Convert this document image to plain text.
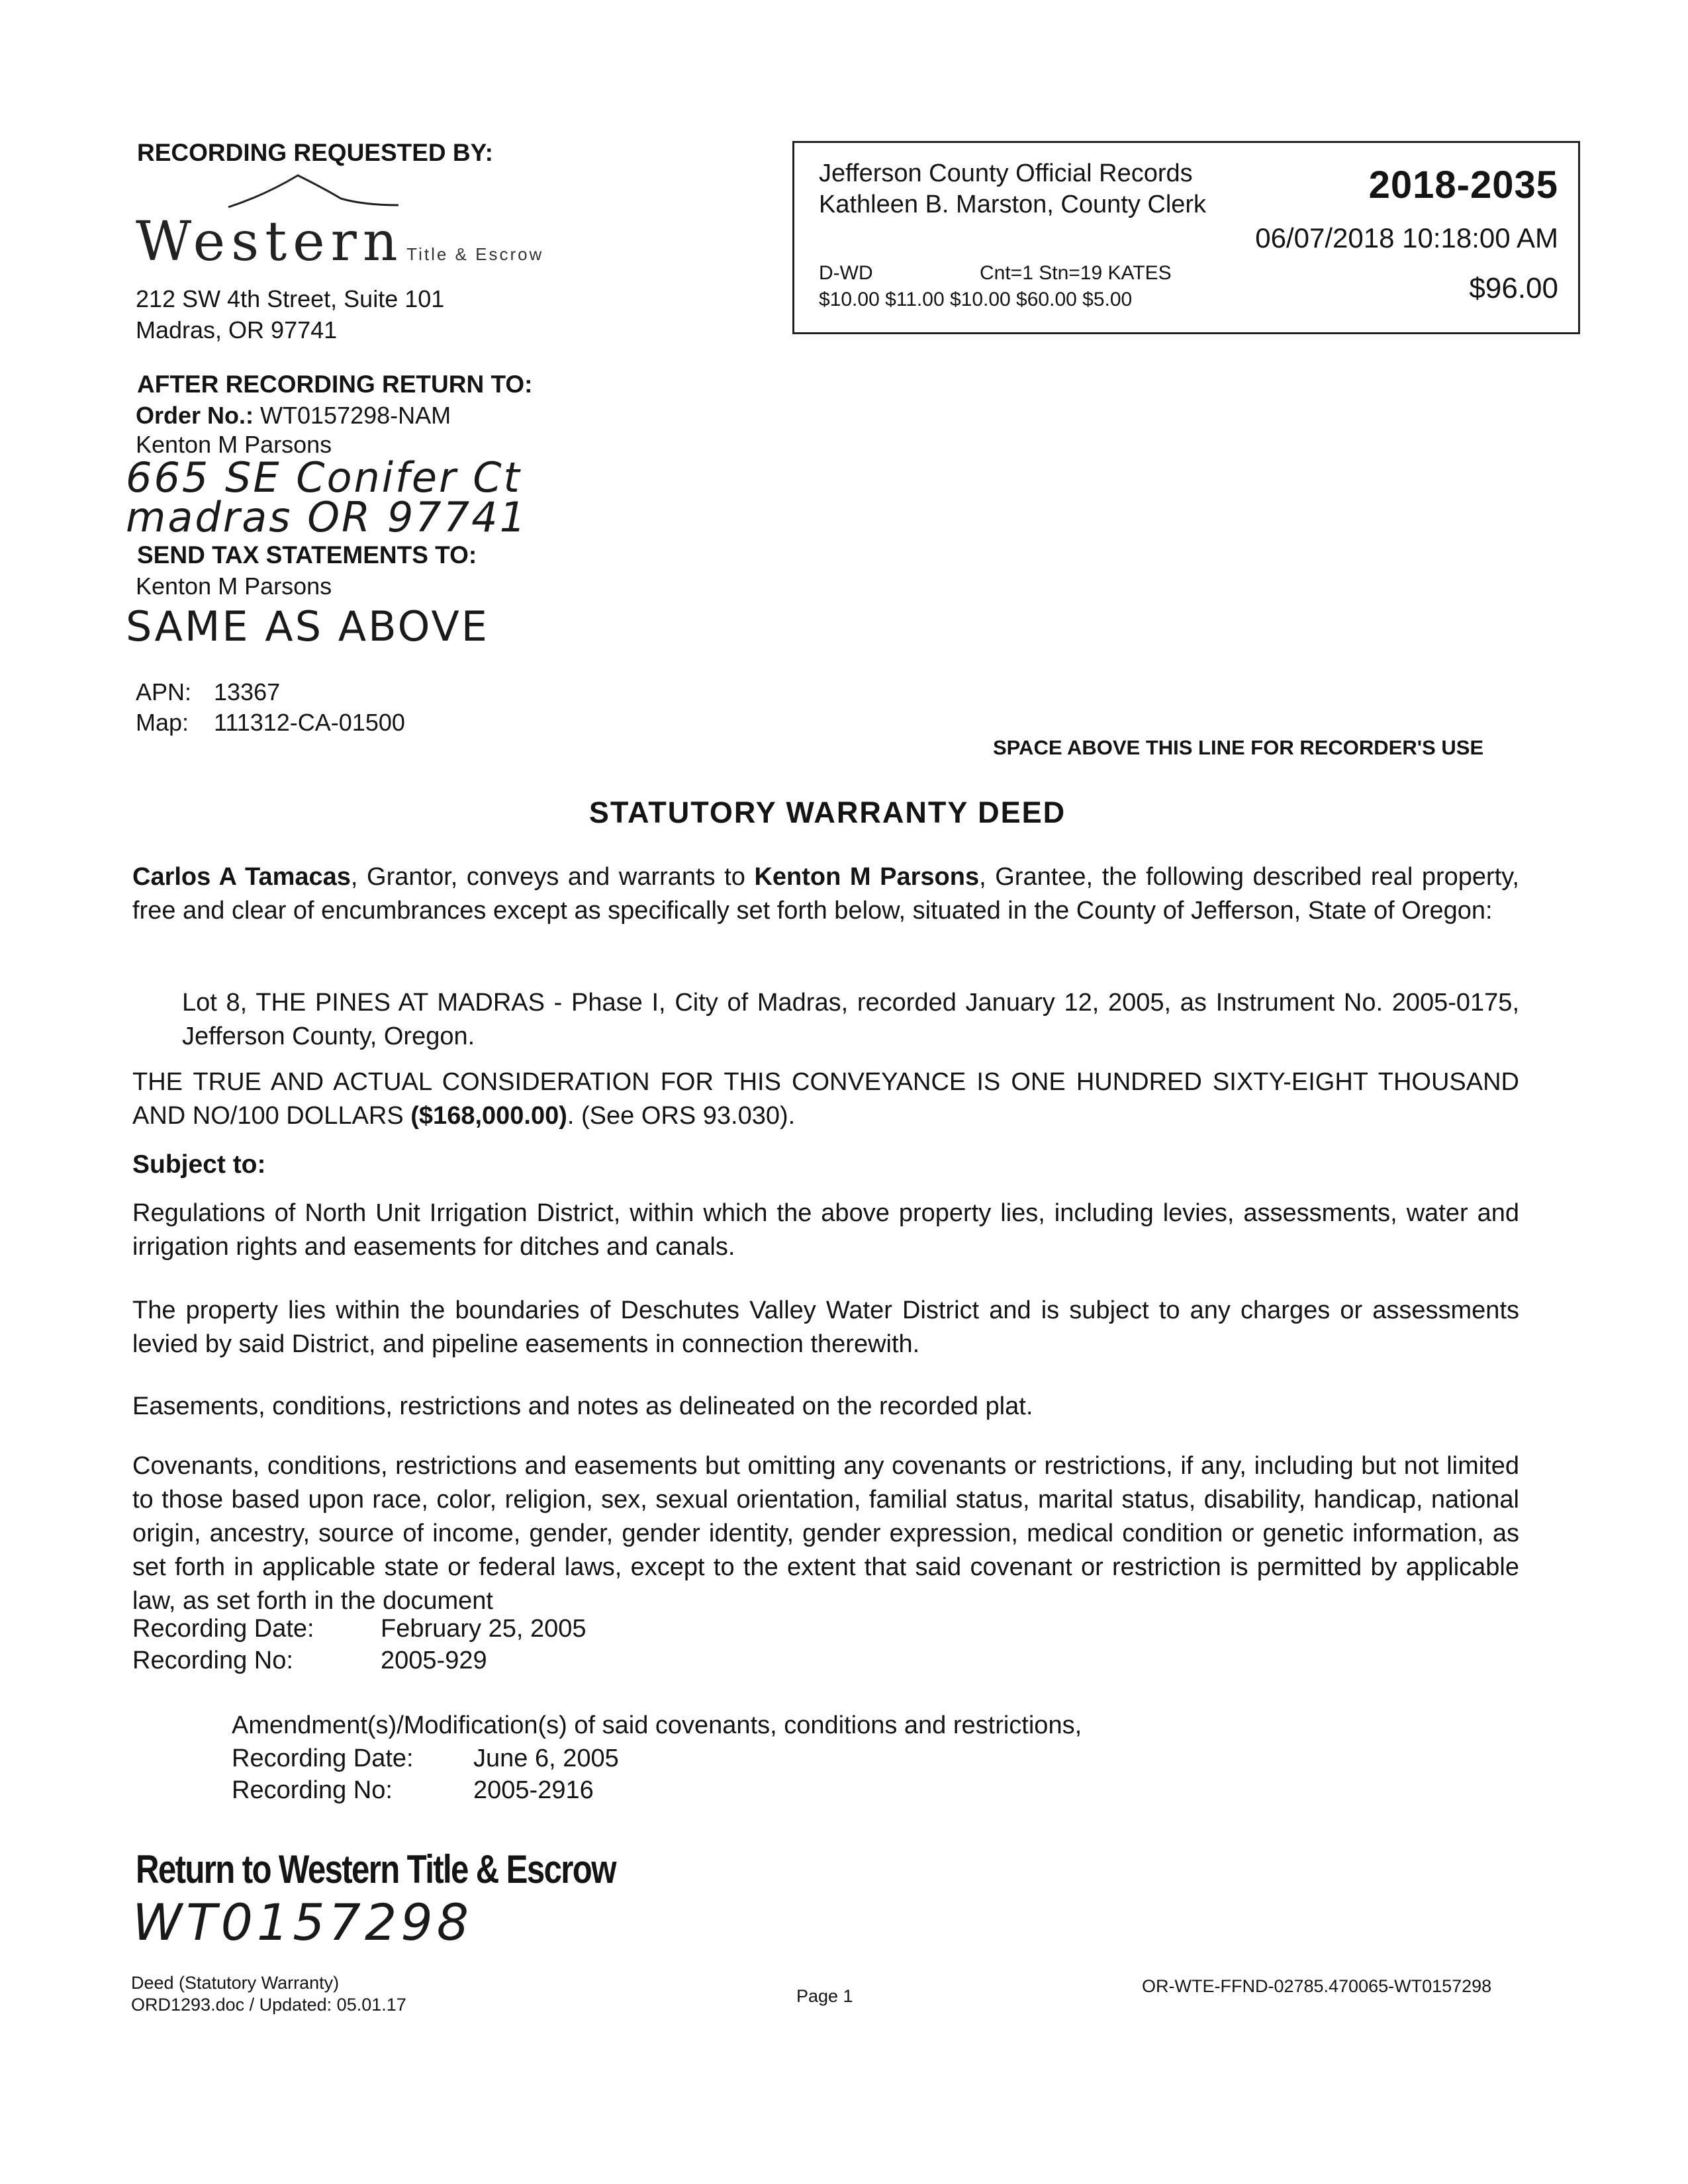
RECORDING REQUESTED BY:
Western Title & Escrow
212 SW 4th Street, Suite 101
Madras, OR 97741
Jefferson County Official Records
Kathleen B. Marston, County Clerk	2018-2035
06/07/2018 10:18:00 AM
D-WD	Cnt=1 Stn=19 KATES
$10.00 $11.00 $10.00 $60.00 $5.00	$96.00
AFTER RECORDING RETURN TO:
Order No.: WT0157298-NAM
Kenton M Parsons
665 SE Conifer Ct
madras OR 97741
SEND TAX STATEMENTS TO:
Kenton M Parsons
SAME AS ABOVE
APN: 13367
Map: 111312-CA-01500
SPACE ABOVE THIS LINE FOR RECORDER'S USE
STATUTORY WARRANTY DEED
Carlos A Tamacas, Grantor, conveys and warrants to Kenton M Parsons, Grantee, the following described real property, free and clear of encumbrances except as specifically set forth below, situated in the County of Jefferson, State of Oregon:
Lot 8, THE PINES AT MADRAS - Phase I, City of Madras, recorded January 12, 2005, as Instrument No. 2005-0175, Jefferson County, Oregon.
THE TRUE AND ACTUAL CONSIDERATION FOR THIS CONVEYANCE IS ONE HUNDRED SIXTY-EIGHT THOUSAND AND NO/100 DOLLARS ($168,000.00). (See ORS 93.030).
Subject to:
Regulations of North Unit Irrigation District, within which the above property lies, including levies, assessments, water and irrigation rights and easements for ditches and canals.
The property lies within the boundaries of Deschutes Valley Water District and is subject to any charges or assessments levied by said District, and pipeline easements in connection therewith.
Easements, conditions, restrictions and notes as delineated on the recorded plat.
Covenants, conditions, restrictions and easements but omitting any covenants or restrictions, if any, including but not limited to those based upon race, color, religion, sex, sexual orientation, familial status, marital status, disability, handicap, national origin, ancestry, source of income, gender, gender identity, gender expression, medical condition or genetic information, as set forth in applicable state or federal laws, except to the extent that said covenant or restriction is permitted by applicable law, as set forth in the document
Recording Date:	February 25, 2005
Recording No:	2005-929
Amendment(s)/Modification(s) of said covenants, conditions and restrictions,
Recording Date: June 6, 2005
Recording No:	2005-2916
Return to Western Title & Escrow
WT0157298
Deed (Statutory Warranty)
ORD1293.doc / Updated: 05.01.17	Page 1	OR-WTE-FFND-02785.470065-WT0157298
